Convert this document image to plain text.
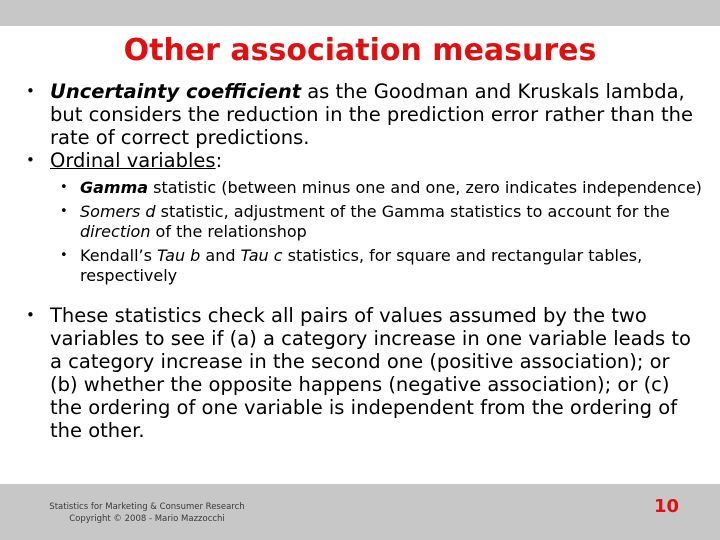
Other association measures

• Uncertainty coefficient as the Goodman and Kruskals lambda, but considers the reduction in the prediction error rather than the rate of correct predictions.

• Ordinal variables:

• Gamma statistic (between minus one and one, zero indicates independence)

• Somers d statistic, adjustment of the Gamma statistics to account for the direction of the relationshop

• Kendall’s Tau b and Tau c statistics, for square and rectangular tables, respectively

• These statistics check all pairs of values assumed by the two variables to see if (a) a category increase in one variable leads to a category increase in the second one (positive association); or (b) whether the opposite happens (negative association); or (c) the ordering of one variable is independent from the ordering of the other.

Statistics for Marketing & Consumer Research
Copyright © 2008 - Mario Mazzocchi
10
